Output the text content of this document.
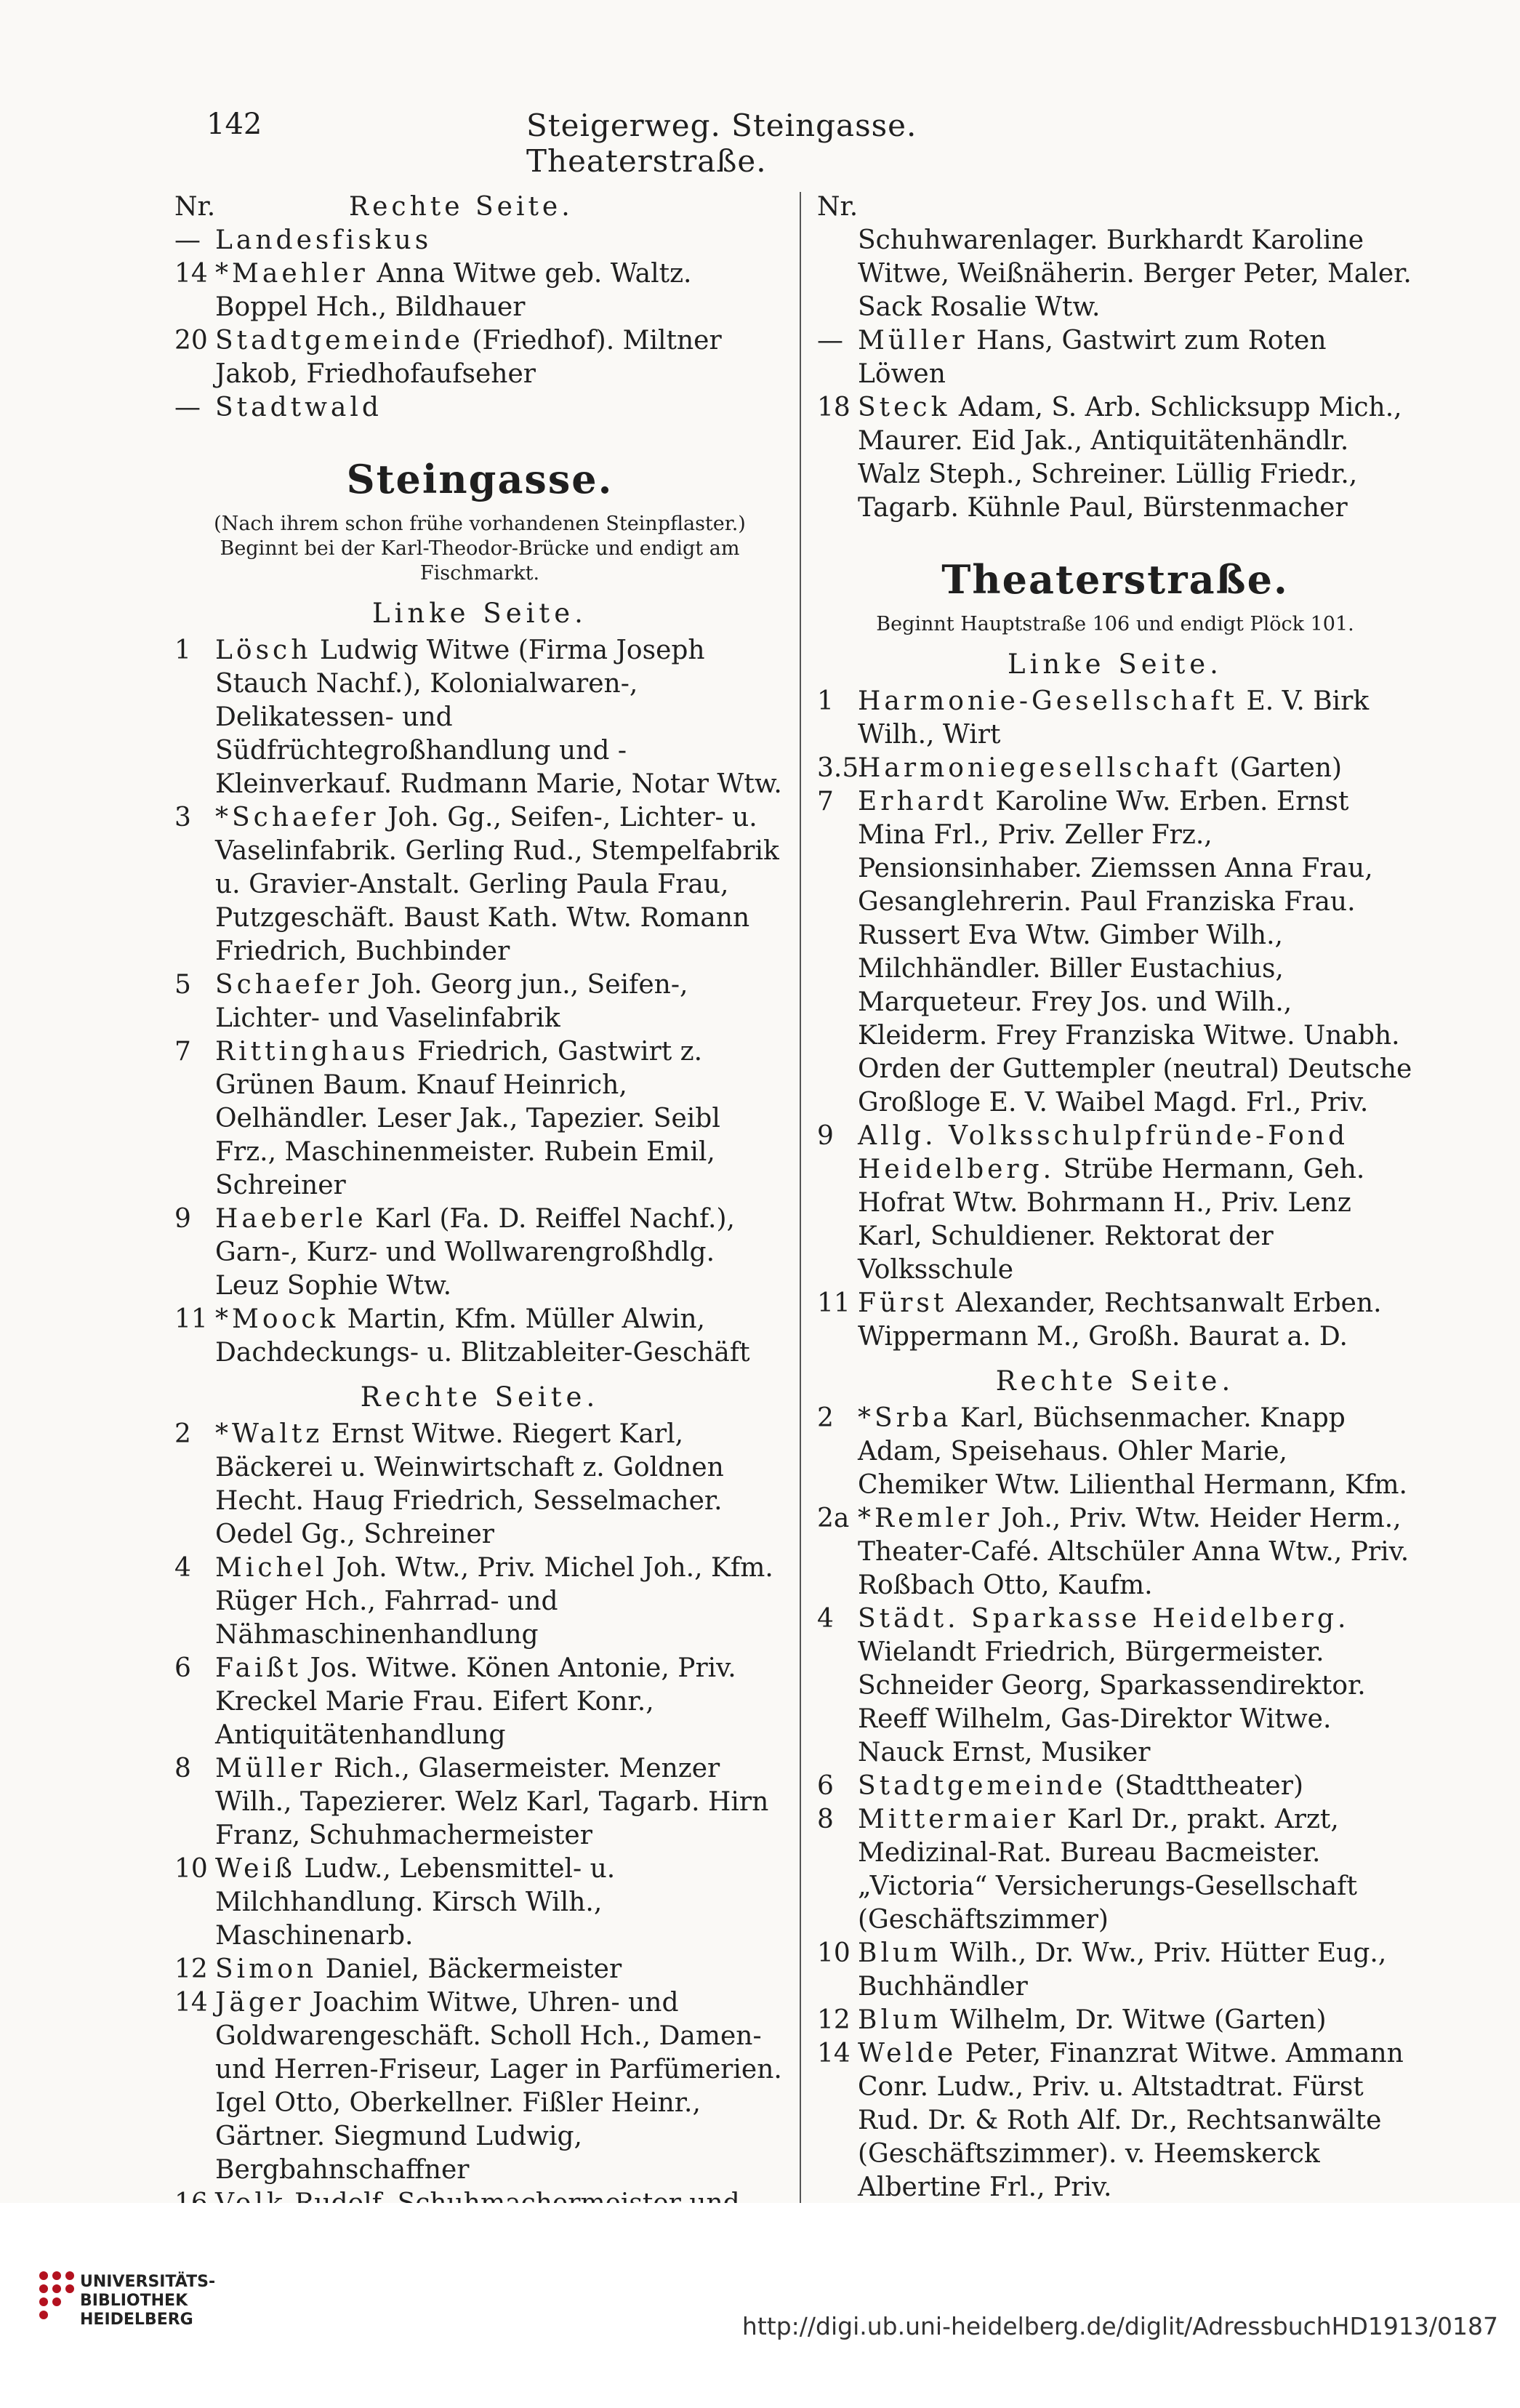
142	Steigerweg. Steingasse. Theaterstraße.
Nr.	Rechte Seite.

— Landesfiskus

14 *Maehler Anna Witwe geb. Waltz. Boppel Hch., Bildhauer

20 Stadtgemeinde (Friedhof). Miltner Jakob, Friedhofaufseher

— Stadtwald

Steingasse.
(Nach ihrem schon frühe vorhandenen Steinpflaster.) Beginnt bei der Karl-Theodor-Brücke und endigt am Fischmarkt.
Linke Seite.

1 Lösch Ludwig Witwe (Firma Joseph Stauch Nachf.), Kolonialwaren-, Delikatessen- und Südfrüchtegroßhandlung und -Kleinverkauf. Rudmann Marie, Notar Wtw.

3 *Schaefer Joh. Gg., Seifen-, Lichter- u. Vaselinfabrik. Gerling Rud., Stempelfabrik u. Gravier-Anstalt. Gerling Paula Frau, Putzgeschäft. Baust Kath. Wtw. Romann Friedrich, Buchbinder

5 Schaefer Joh. Georg jun., Seifen-, Lichter- und Vaselinfabrik

7 Rittinghaus Friedrich, Gastwirt z. Grünen Baum. Knauf Heinrich, Oelhändler. Leser Jak., Tapezier. Seibl Frz., Maschinenmeister. Rubein Emil, Schreiner

9 Haeberle Karl (Fa. D. Reiffel Nachf.), Garn-, Kurz- und Wollwarengroßhdlg. Leuz Sophie Wtw.

11 *Moock Martin, Kfm. Müller Alwin, Dachdeckungs- u. Blitzableiter-Geschäft

Rechte Seite.

2 *Waltz Ernst Witwe. Riegert Karl, Bäckerei u. Weinwirtschaft z. Goldnen Hecht. Haug Friedrich, Sesselmacher. Oedel Gg., Schreiner

4 Michel Joh. Wtw., Priv. Michel Joh., Kfm. Rüger Hch., Fahrrad- und Nähmaschinenhandlung

6 Faißt Jos. Witwe. Könen Antonie, Priv. Kreckel Marie Frau. Eifert Konr., Antiquitätenhandlung

8 Müller Rich., Glasermeister. Menzer Wilh., Tapezierer. Welz Karl, Tagarb. Hirn Franz, Schuhmachermeister

10 Weiß Ludw., Lebensmittel- u. Milchhandlung. Kirsch Wilh., Maschinenarb.

12 Simon Daniel, Bäckermeister

14 Jäger Joachim Witwe, Uhren- und Goldwarengeschäft. Scholl Hch., Damen- und Herren-Friseur, Lager in Parfümerien. Igel Otto, Oberkellner. Fißler Heinr., Gärtner. Siegmund Ludwig, Bergbahnschaffner

Nr.

Schuhwarenlager. Burkhardt Karoline Witwe, Weißnäherin. Berger Peter, Maler. Sack Rosalie Wtw.

— Müller Hans, Gastwirt zum Roten Löwen

18 Steck Adam, S. Arb. Schlicksupp Mich., Maurer. Eid Jak., Antiquitätenhändlr. Walz Steph., Schreiner. Lüllig Friedr., Tagarb. Kühnle Paul, Bürstenmacher

Theaterstraße.
Beginnt Hauptstraße 106 und endigt Plöck 101.
Linke Seite.

1 Harmonie-Gesellschaft E. V. Birk Wilh., Wirt

3.5Harmoniegesellschaft (Garten)

7 Erhardt Karoline Ww. Erben. Ernst Mina Frl., Priv. Zeller Frz., Pensionsinhaber. Ziemssen Anna Frau, Gesanglehrerin. Paul Franziska Frau. Russert Eva Wtw. Gimber Wilh., Milchhändler. Biller Eustachius, Marqueteur. Frey Jos. und Wilh., Kleiderm. Frey Franziska Witwe. Unabh. Orden der Guttempler (neutral) Deutsche Großloge E. V. Waibel Magd. Frl., Priv.

9 Allg. Volksschulpfründe-Fond Heidelberg. Strübe Hermann, Geh. Hofrat Wtw. Bohrmann H., Priv. Lenz Karl, Schuldiener. Rektorat der Volksschule

11 Fürst Alexander, Rechtsanwalt Erben. Wippermann M., Großh. Baurat a. D.

Rechte Seite.

2 *Srba Karl, Büchsenmacher. Knapp Adam, Speisehaus. Ohler Marie, Chemiker Wtw. Lilienthal Hermann, Kfm.

2a *Remler Joh., Priv. Wtw. Heider Herm., Theater-Café. Altschüler Anna Wtw., Priv. Roßbach Otto, Kaufm.

4 Städt. Sparkasse Heidelberg. Wielandt Friedrich, Bürgermeister. Schneider Georg, Sparkassendirektor. Reeff Wilhelm, Gas-Direktor Witwe. Nauck Ernst, Musiker

6 Stadtgemeinde (Stadttheater)

8 Mittermaier Karl Dr., prakt. Arzt, Medizinal-Rat. Bureau Bacmeister. „Victoria“ Versicherungs-Gesellschaft (Geschäftszimmer)

10 Blum Wilh., Dr. Ww., Priv. Hütter Eug., Buchhändler

12 Blum Wilhelm, Dr. Witwe (Garten)

14 Welde Peter, Finanzrat Witwe. Ammann Conr. Ludw., Priv. u. Altstadtrat. Fürst Rud. Dr. & Roth Alf. Dr., Rechtsanwälte (Geschäftszimmer). v. Heemskerck Albertine Frl., Priv.

UNIVERSITÄTS-
BIBLIOTHEK
HEIDELBERG	http://digi.ub.uni-heidelberg.de/diglit/AdressbuchHD1913/0187
